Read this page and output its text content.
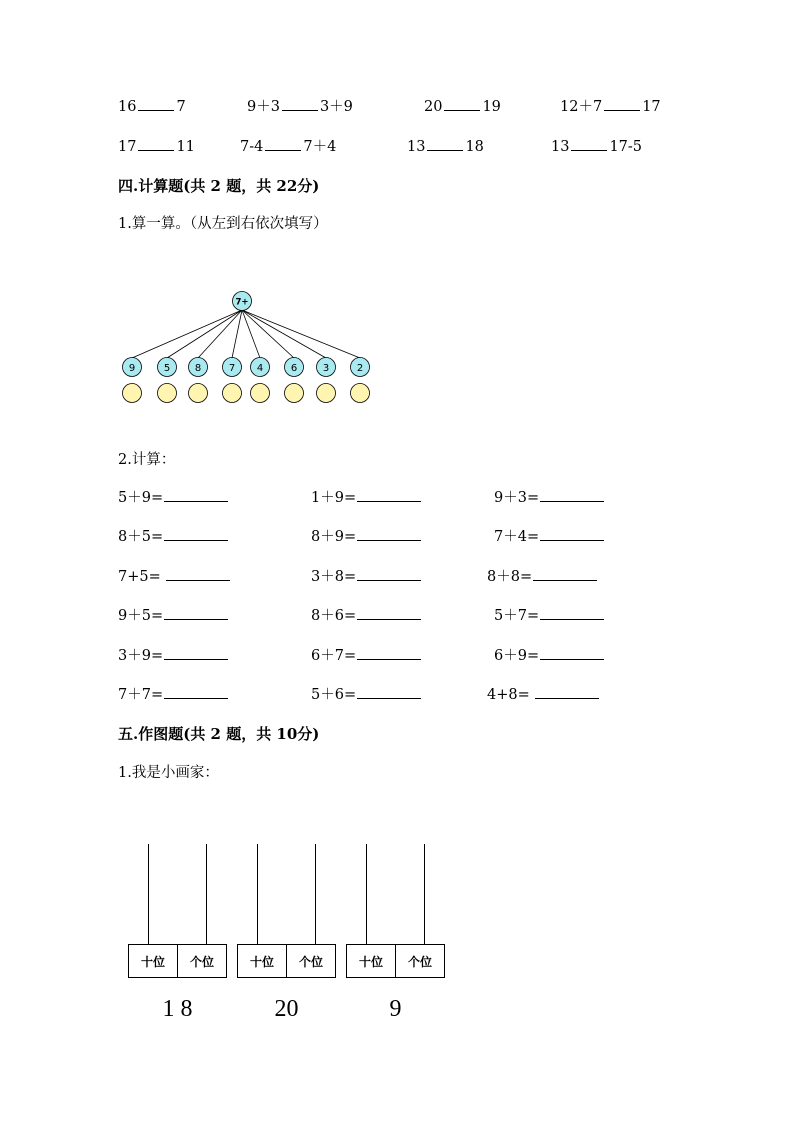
16	7	9＋3	3＋9	20	19	12＋7	17
17	11	7-4	7＋4	13	18	13	17-5
四.计算题(共 2 题，共 22分)
1.算一算。（从左到右依次填写）
7+
9	5 8	7 4	6	3	2
2.计算：
5＋9=	1＋9=	9＋3=
8＋5=	8＋9=	7＋4=
7+5=	3＋8=	8＋8=
9＋5=	8＋6=	5＋7=
3＋9=	6＋7=	6＋9=
7＋7=	5＋6=	4+8=
五.作图题(共 2 题，共 10分)
1.我是小画家：
十位	个位
1 8
十位	个位
20
十位	个位
9
